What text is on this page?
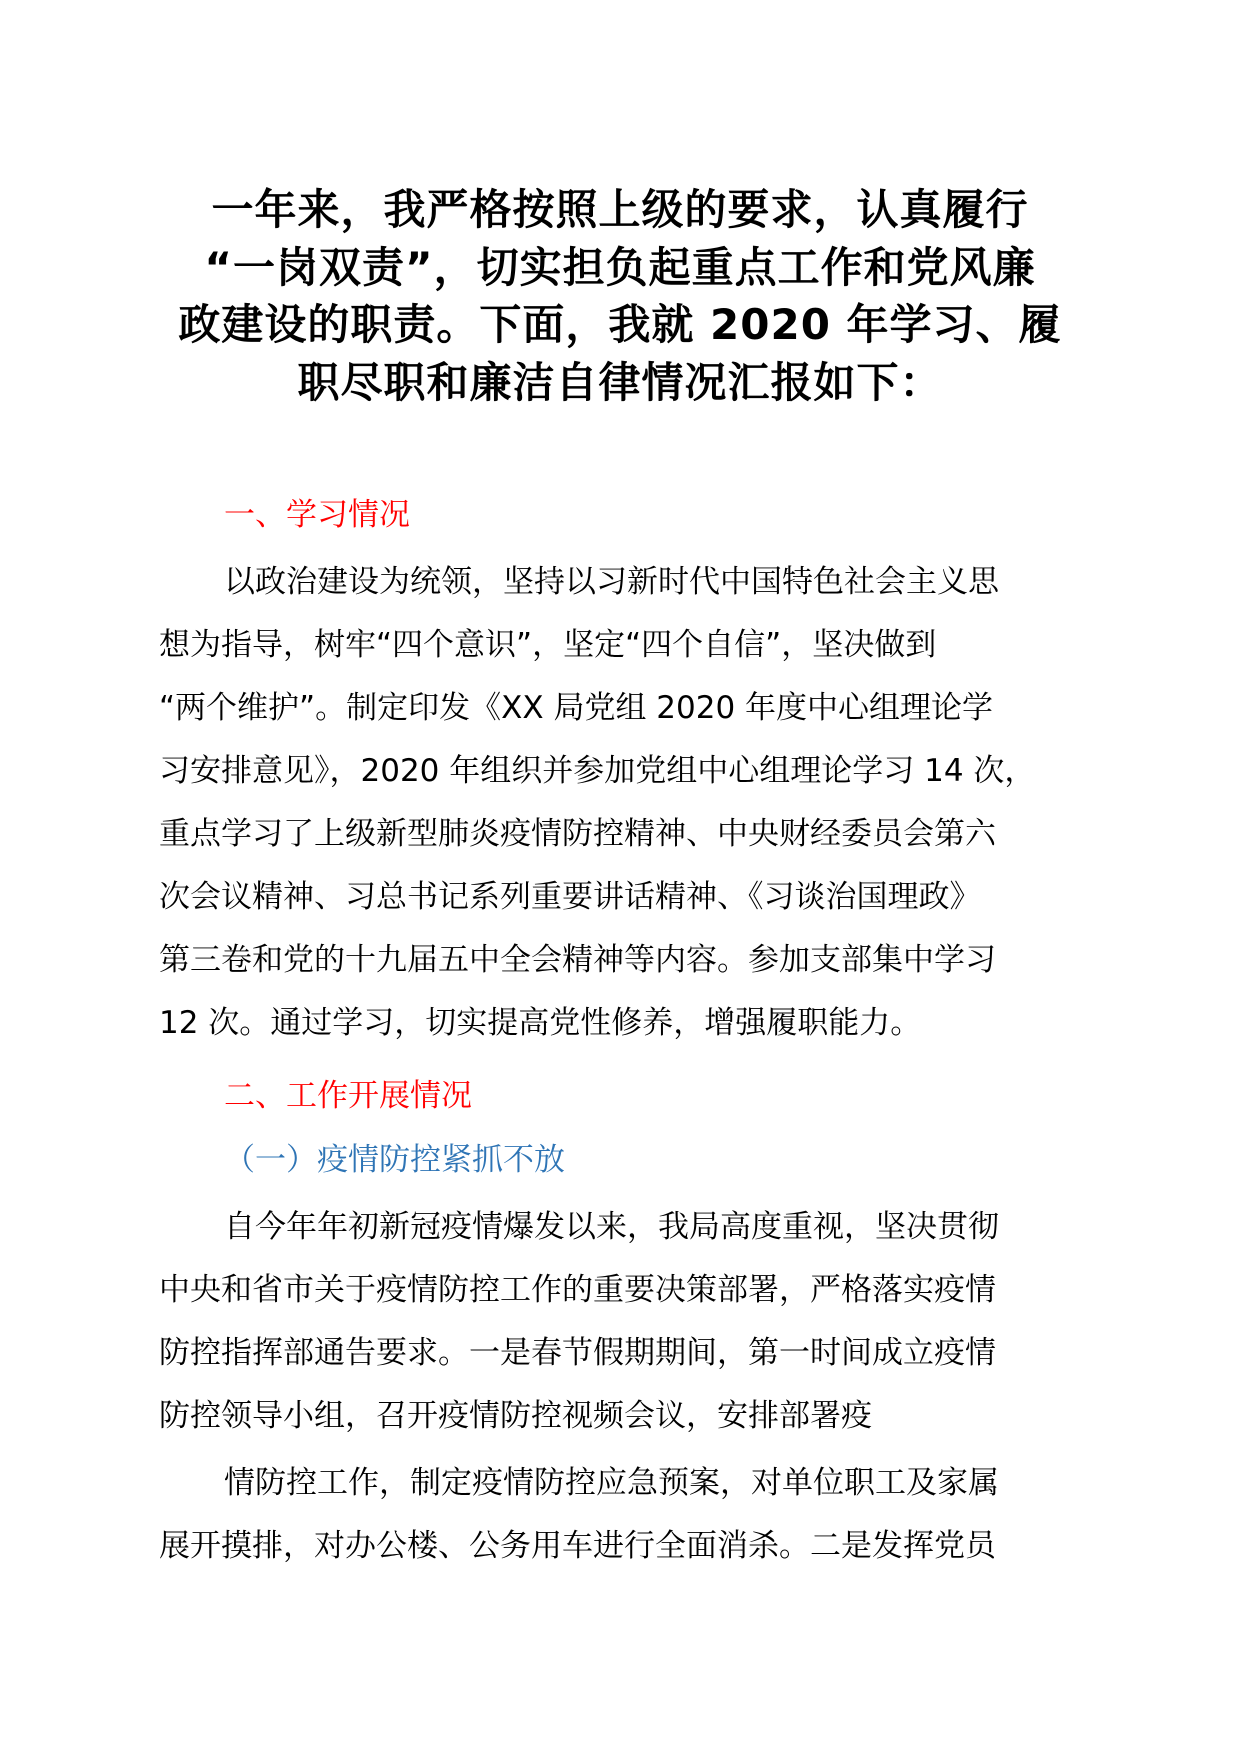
一年来，我严格按照上级的要求，认真履行
“一岗双责”，切实担负起重点工作和党风廉
政建设的职责。下面，我就 2020 年学习、履
职尽职和廉洁自律情况汇报如下：
一、学习情况
以政治建设为统领，坚持以习新时代中国特色社会主义思
想为指导，树牢“四个意识”，坚定“四个自信”，坚决做到
“两个维护”。制定印发《XX 局党组 2020 年度中心组理论学
习安排意见》，2020 年组织并参加党组中心组理论学习 14 次，
重点学习了上级新型肺炎疫情防控精神、中央财经委员会第六
次会议精神、习总书记系列重要讲话精神、《习谈治国理政》
第三卷和党的十九届五中全会精神等内容。参加支部集中学习
12 次。通过学习，切实提高党性修养，增强履职能力。
二、工作开展情况
（一）疫情防控紧抓不放
自今年年初新冠疫情爆发以来，我局高度重视，坚决贯彻
中央和省市关于疫情防控工作的重要决策部署，严格落实疫情
防控指挥部通告要求。一是春节假期期间，第一时间成立疫情
防控领导小组，召开疫情防控视频会议，安排部署疫
情防控工作，制定疫情防控应急预案，对单位职工及家属
展开摸排，对办公楼、公务用车进行全面消杀。二是发挥党员
